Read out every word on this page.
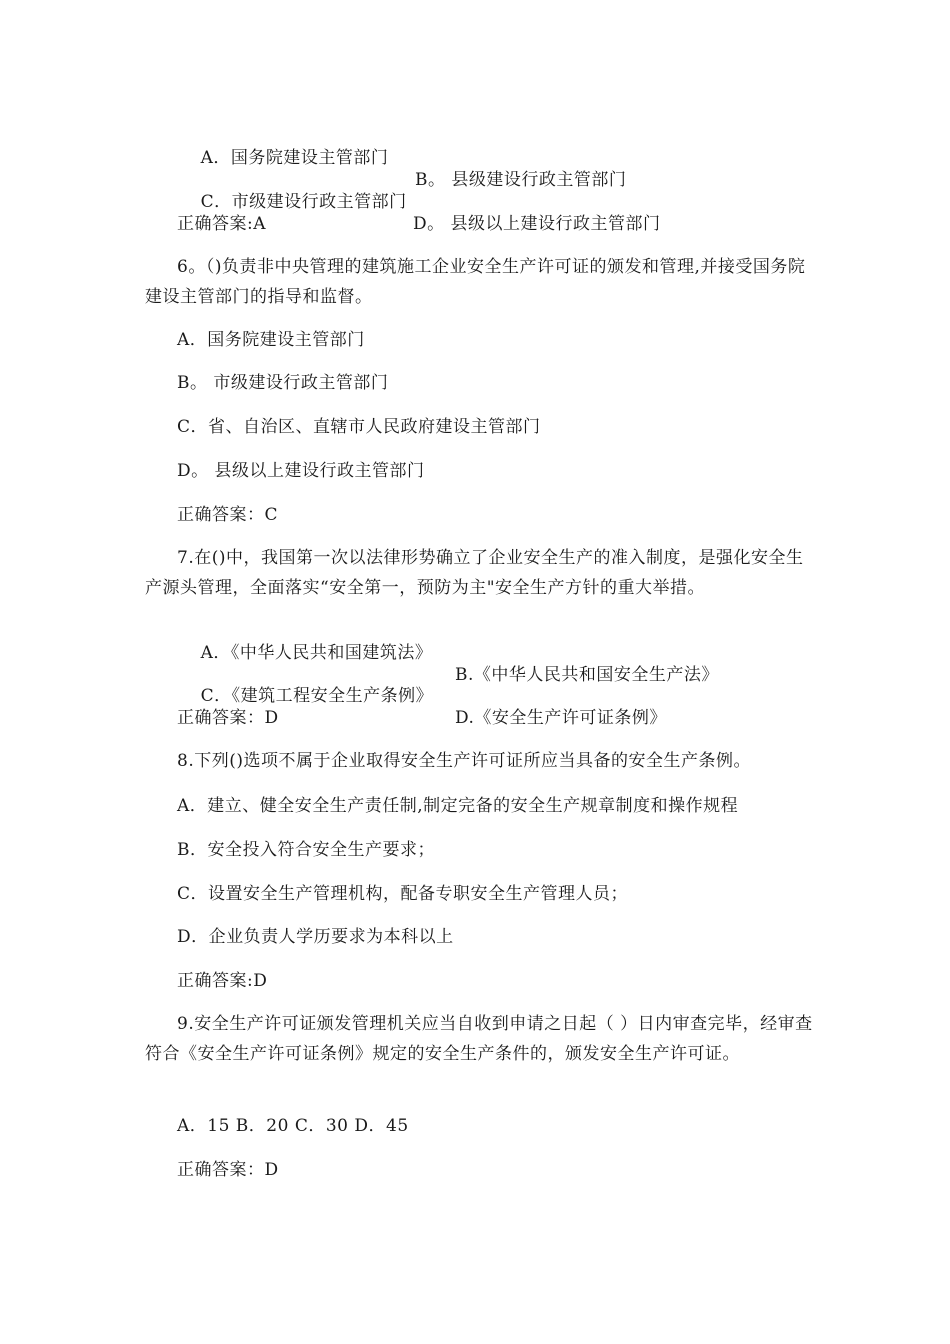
A．国务院建设主管部门

B。 县级建设行政主管部门

C．市级建设行政主管部门

D。 县级以上建设行政主管部门

正确答案:A
6。（)负责非中央管理的建筑施工企业安全生产许可证的颁发和管理,并接受国务院建设主管部门的指导和监督。
A．国务院建设主管部门
B。 市级建设行政主管部门
C．省、自治区、直辖市人民政府建设主管部门
D。 县级以上建设行政主管部门
正确答案：C
7.在()中，我国第一次以法律形势确立了企业安全生产的准入制度，是强化安全生产源头管理，全面落实“安全第一，预防为主"安全生产方针的重大举措。

A．《中华人民共和国建筑法》

B.《中华人民共和国安全生产法》

C．《建筑工程安全生产条例》

D.《安全生产许可证条例》

正确答案：D
8.下列()选项不属于企业取得安全生产许可证所应当具备的安全生产条例。
A．建立、健全安全生产责任制,制定完备的安全生产规章制度和操作规程
B．安全投入符合安全生产要求；
C．设置安全生产管理机构，配备专职安全生产管理人员；
D．企业负责人学历要求为本科以上
正确答案:D
9.安全生产许可证颁发管理机关应当自收到申请之日起（ ）日内审查完毕，经审查符合《安全生产许可证条例》规定的安全生产条件的，颁发安全生产许可证。
A．15 B．20 C．30 D．45
正确答案：D
